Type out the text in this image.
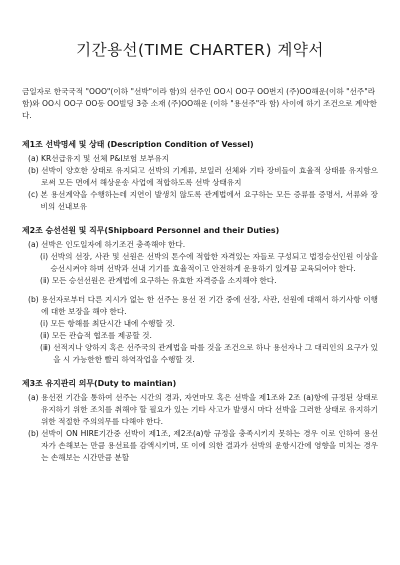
기간용선(TIME CHARTER) 계약서

금일자로 한국국적 "OOO"(이하 "선박"이라 함)의 선주인 OO시 OO구 OO번지 (주)OO해운(이하 "선주"라 함)와 OO시 OO구 OO동 OO빌딩 3층 소재 (주)OO해운 (이하 "용선주"라 함) 사이에 하기 조건으로 계약한다.

제1조 선박명세 및 상태 (Description Condition of Vessel)
(a) KR선급유지 및 선체 P&I보험 보부유지
(b) 선박이 양호한 상태로 유지되고 선박의 기계류, 보일러 선체와 기타 장비들이 효율적 상태를 유지함으로써 모든 면에서 해상운송 사업에 적합하도록 선박 상태유지
(c) 본 용선계약을 수행하는데 지연이 발생치 않도록 관계법에서 요구하는 모든 증류를 증명서, 서류와 장비의 선내보유
제2조 승선선원 및 직무(Shipboard Personnel and their Duties)
(a) 선박은 인도일자에 하기조건 충족해야 한다.
(ⅰ) 선박의 선장, 사관 및 선원은 선박의 톤수에 적합한 자격있는 자들로 구성되고 법정승선인원 이상을 승선시켜야 하며 선박과 선내 기기를 효율적이고 안전하게 운용하기 있게끔 교육되어야 한다.
(ⅱ) 모든 승선선원은 관계법에 요구하는 유효한 자격증을 소지해야 한다.
(b) 용선자로부터 다른 지시가 없는 한 선주는 용선 전 기간 중에 선장, 사관, 선원에 대해서 하기사항 이행에 대한 보장을 해야 한다.
(ⅰ) 모든 항해를 최단시간 내에 수행할 것.
(ⅱ) 모든 관습적 협조를 제공할 것.
(ⅲ) 선적지나 양하지 혹은 선주국의 관계법을 따를 것을 조건으로 하나 용선자나 그 대리인의 요구가 있을 시 가능한한 빨리 하역작업을 수행할 것.
제3조 유지관리 의무(Duty to maintian)
(a) 용선전 기간을 통하여 선주는 시간의 경과, 자연마모 혹은 선박을 제1조와 2조 (a)항에 규정된 상태로 유지하기 위한 조치를 취해야 할 필요가 있는 기타 사고가 발생시 마다 선박을 그러한 상태로 유지하기 위한 적절한 주의의무를 다해야 한다.
(b) 선박이 ON HIRE기간중 선박이 제1조, 제2조(a)항 규정을 충족시키지 못하는 경우 이로 인하여 용선자가 손해보는 만큼 용선료를 감액시키며, 또 이에 의한 결과가 선박의 운항시간에 영향을 미치는 경우는 손해보는 시간만큼 분할
